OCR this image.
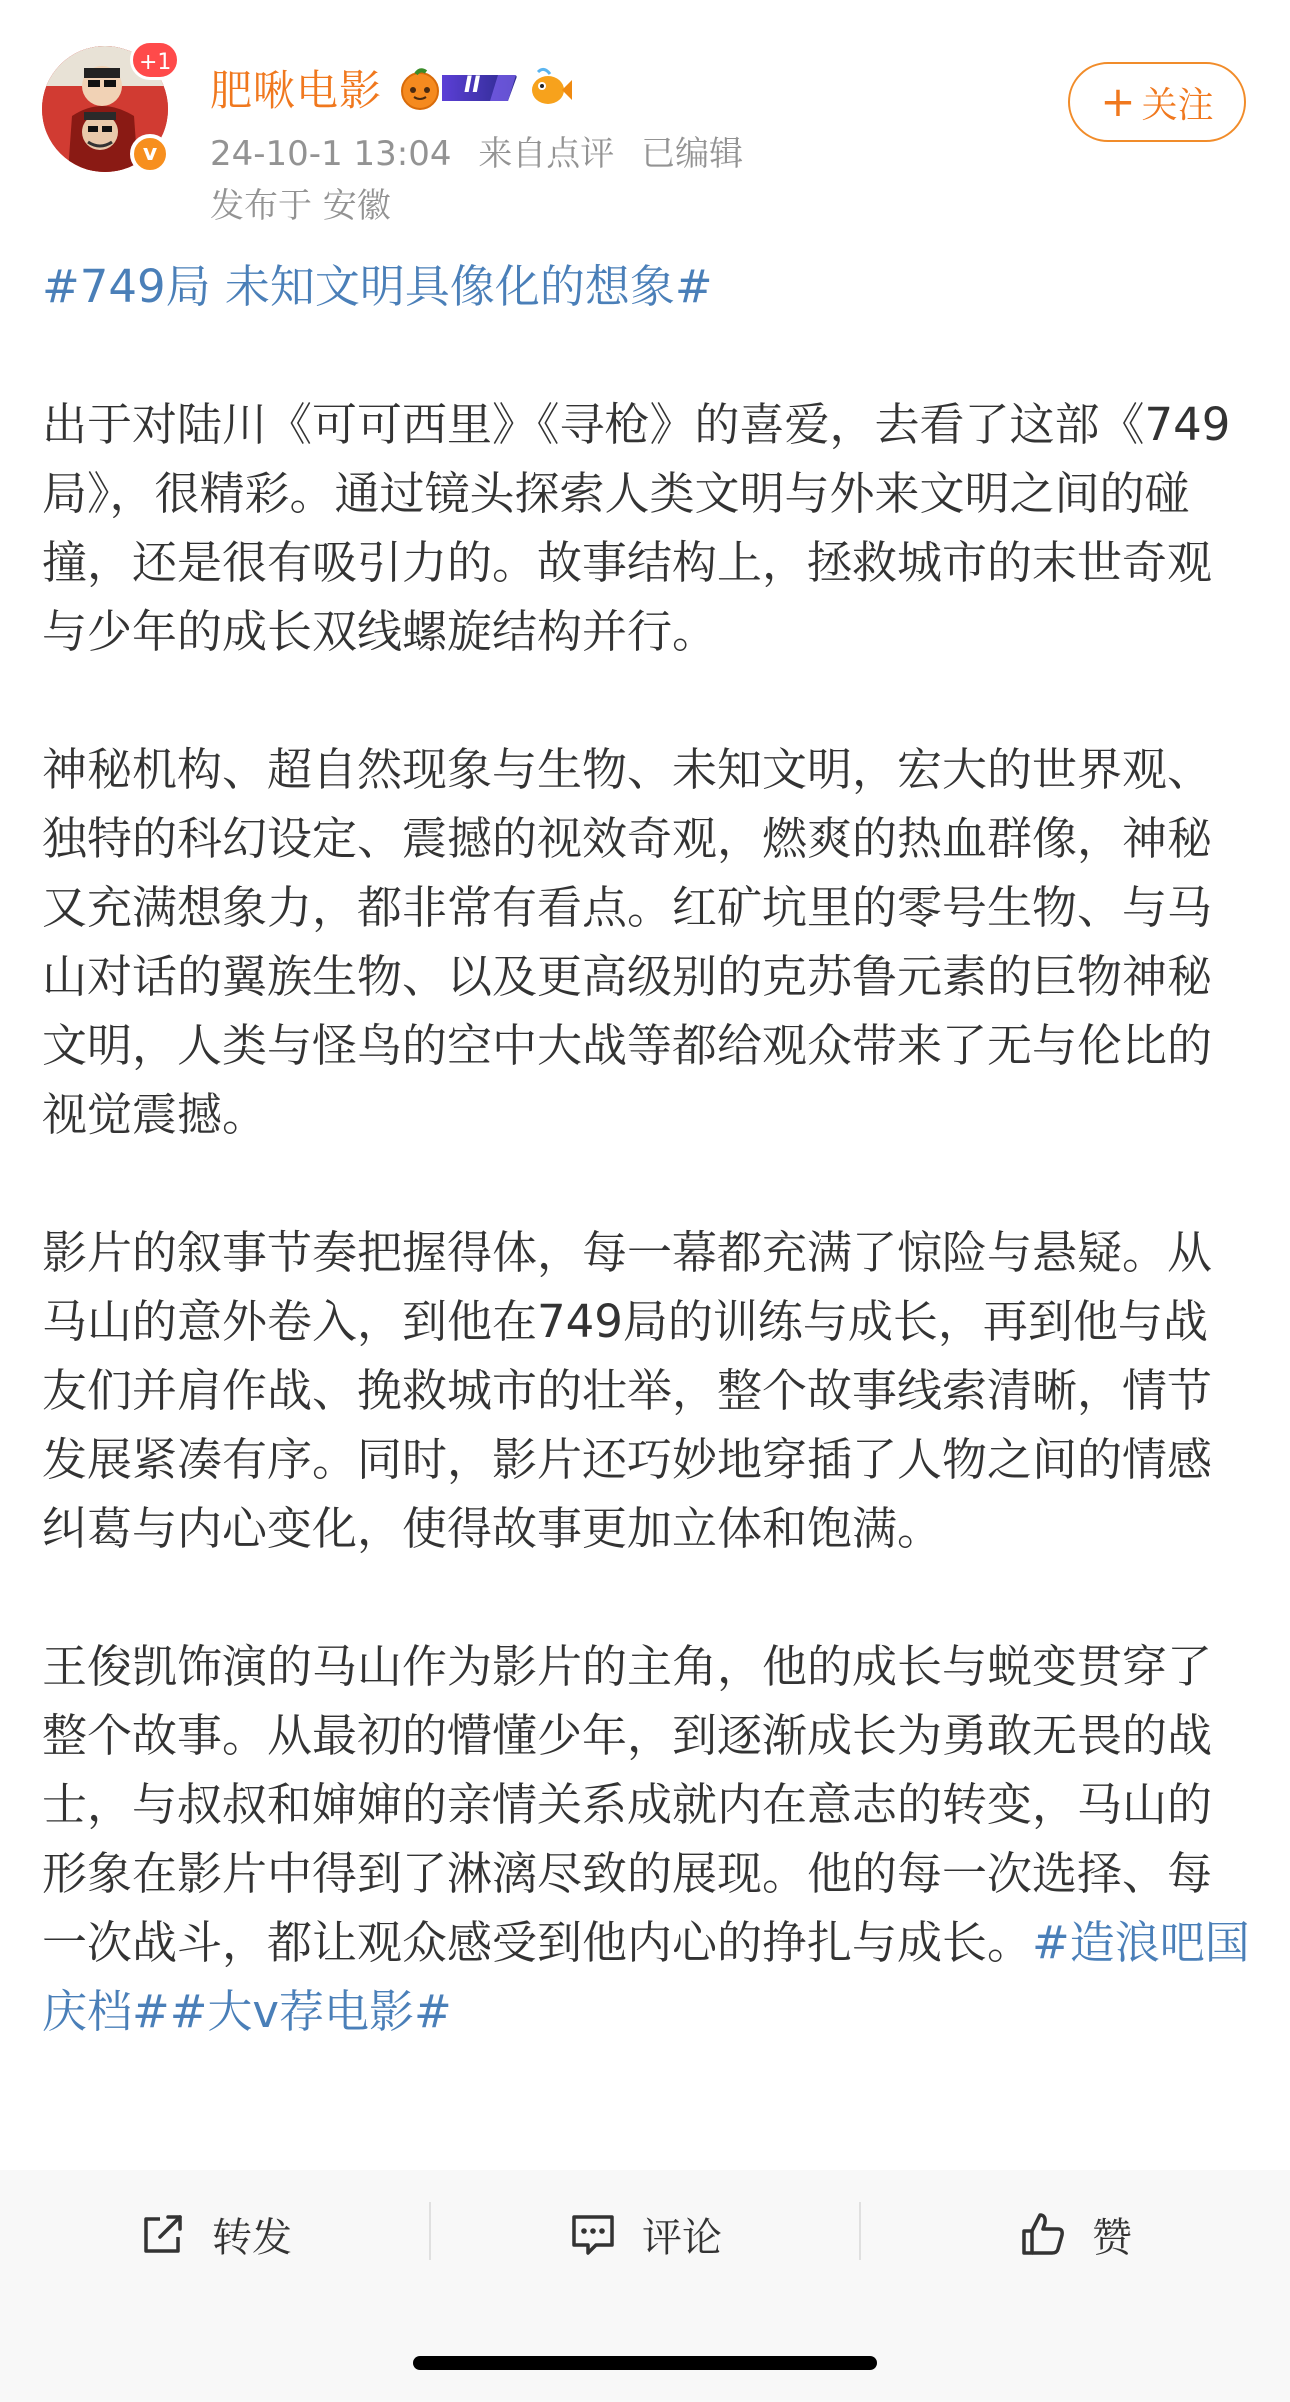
+1
v
肥啾电影	II
24-10-1 13:04 来自点评 已编辑
发布于 安徽
+ 关注

#749局 未知文明具像化的想象#

出于对陆川《可可西里》《寻枪》的喜爱，去看了这部《749局》，很精彩。通过镜头探索人类文明与外来文明之间的碰撞，还是很有吸引力的。故事结构上，拯救城市的末世奇观与少年的成长双线螺旋结构并行。

神秘机构、超自然现象与生物、未知文明，宏大的世界观、独特的科幻设定、震撼的视效奇观，燃爽的热血群像，神秘又充满想象力，都非常有看点。红矿坑里的零号生物、与马山对话的翼族生物、以及更高级别的克苏鲁元素的巨物神秘文明，人类与怪鸟的空中大战等都给观众带来了无与伦比的视觉震撼。

影片的叙事节奏把握得体，每一幕都充满了惊险与悬疑。从马山的意外卷入，到他在749局的训练与成长，再到他与战友们并肩作战、挽救城市的壮举，整个故事线索清晰，情节发展紧凑有序。同时，影片还巧妙地穿插了人物之间的情感纠葛与内心变化，使得故事更加立体和饱满。

王俊凯饰演的马山作为影片的主角，他的成长与蜕变贯穿了整个故事。从最初的懵懂少年，到逐渐成长为勇敢无畏的战士，与叔叔和婶婶的亲情关系成就内在意志的转变，马山的形象在影片中得到了淋漓尽致的展现。他的每一次选择、每一次战斗，都让观众感受到他内心的挣扎与成长。#造浪吧国庆档##大v荐电影#

转发	评论	赞
